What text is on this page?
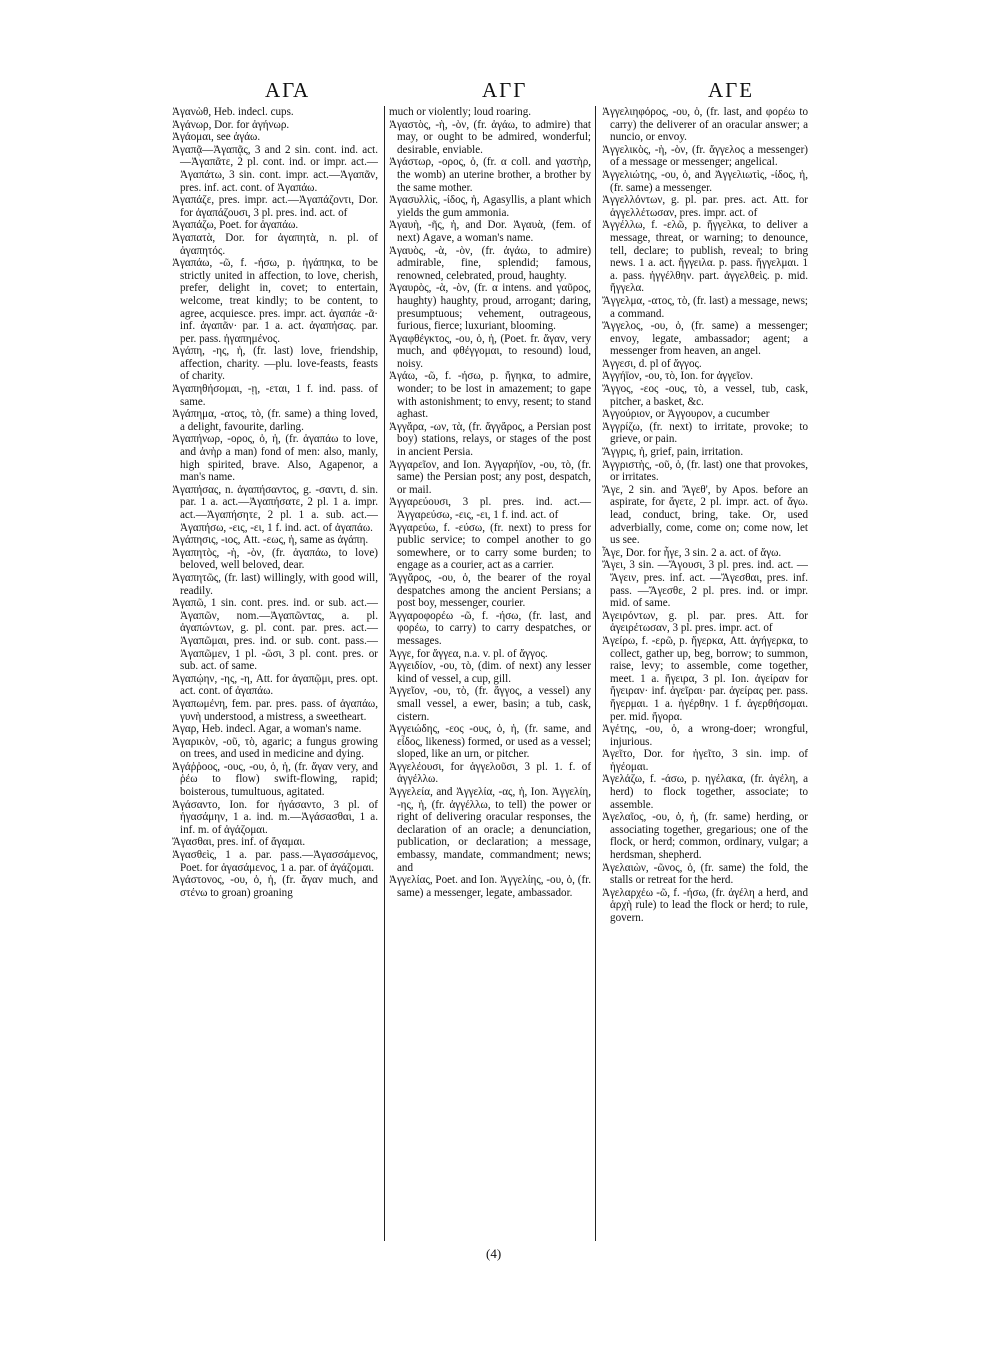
ΑΓΑ	ΑΓΓ	ΑΓΕ

Ἀγανὼθ, Heb. indecl. cups.

Ἀγάνωρ, Dor. for ἀγήνωρ.

Ἀγάομαι, see ἀγάω.

Ἀγαπᾷ—Ἀγαπᾷς, 3 and 2 sin. cont. ind. act.—Ἀγαπᾶτε, 2 pl. cont. ind. or impr. act.—Ἀγαπάτω, 3 sin. cont. impr. act.—Ἀγαπᾶν, pres. inf. act. cont. of Ἀγαπάω.

Ἀγαπάζε, pres. impr. act.—Ἀγαπάζοντι, Dor. for ἀγαπάζουσι, 3 pl. pres. ind. act. of

Ἀγαπάζω, Poet. for ἀγαπάω.

Ἀγαπατὰ, Dor. for ἀγαπητὰ, n. pl. of ἀγαπητός.

Ἀγαπάω, -ῶ, f. -ήσω, p. ἠγάπηκα, to be strictly united in affection, to love, cherish, prefer, delight in, covet; to entertain, welcome, treat kindly; to be content, to agree, acquiesce. pres. impr. act. ἀγαπάε -ᾶ· inf. ἀγαπᾶν· par. 1 a. act. ἀγαπήσας. par. per. pass. ἠγαπημένος.

Ἀγάπη, -ης, ἡ, (fr. last) love, friendship, affection, charity. —plu. love-feasts, feasts of charity.

Ἀγαπηθήσομαι, -ῃ, -εται, 1 f. ind. pass. of same.

Ἀγάπημα, -ατος, τὸ, (fr. same) a thing loved, a delight, favourite, darling.

Ἀγαπήνωρ, -ορος, ὁ, ἡ, (fr. ἀγαπάω to love, and ἀνὴρ a man) fond of men: also, manly, high spirited, brave. Also, Agapenor, a man's name.

Ἀγαπήσας, n. ἀγαπήσαντος, g. -σαντι, d. sin. par. 1 a. act.—Ἀγαπήσατε, 2 pl. 1 a. impr. act.—Ἀγαπήσητε, 2 pl. 1 a. sub. act.—Ἀγαπήσω, -εις, -ει, 1 f. ind. act. of ἀγαπάω.

Ἀγάπησις, -ιος, Att. -εως, ἡ, same as ἀγάπη.

Ἀγαπητὸς, -ὴ, -ὸν, (fr. ἀγαπάω, to love) beloved, well beloved, dear.

Ἀγαπητῶς, (fr. last) willingly, with good will, readily.

Ἀγαπῶ, 1 sin. cont. pres. ind. or sub. act.—Ἀγαπῶν, nom.—Ἀγαπῶντας, a. pl. ἀγαπώντων, g. pl. cont. par. pres. act.—Ἀγαπῶμαι, pres. ind. or sub. cont. pass.—Ἀγαπῶμεν, 1 pl. -ῶσι, 3 pl. cont. pres. or sub. act. of same.

Ἀγαπῴην, -ης, -η, Att. for ἀγαπῷμι, pres. opt. act. cont. of ἀγαπάω.

Ἀγαπωμένη, fem. par. pres. pass. of ἀγαπάω, γυνὴ understood, a mistress, a sweetheart.

Ἀγαρ, Heb. indecl. Agar, a woman's name.

Ἀγαρικὸν, -οῦ, τὸ, agaric; a fungus growing on trees, and used in medicine and dying.

Ἀγάῤῥοος, -ους, -ου, ὁ, ἡ, (fr. ἄγαν very, and ῥέω to flow) swift-flowing, rapid; boisterous, tumultuous, agitated.

Ἀγάσαντο, Ion. for ἠγάσαντο, 3 pl. of ἠγασάμην, 1 a. ind. m.—Ἀγάσασθαι, 1 a. inf. m. of ἀγάζομαι.

Ἄγασθαι, pres. inf. of ἄγαμαι.

Ἀγασθεὶς, 1 a. par. pass.—Ἀγασσάμενος, Poet. for ἀγασάμενος, 1 a. par. of ἀγάζομαι.

Ἀγάστονος, -ου, ὁ, ἡ, (fr. ἄγαν much, and στένω to groan) groaning

much or violently; loud roaring.

Ἀγαστὸς, -ὴ, -ὸν, (fr. ἀγάω, to admire) that may, or ought to be admired, wonderful; desirable, enviable.

Ἀγάστωρ, -ορος, ὁ, (fr. α coll. and γαστὴρ, the womb) an uterine brother, a brother by the same mother.

Ἀγασυλλὶς, -ίδος, ἡ, Agasyllis, a plant which yields the gum ammonia.

Ἀγαυὴ, -ῆς, ἡ, and Dor. Ἀγαυὰ, (fem. of next) Agave, a woman's name.

Ἀγαυὸς, -ὰ, -ὸν, (fr. ἀγάω, to admire) admirable, fine, splendid; famous, renowned, celebrated, proud, haughty.

Ἀγαυρὸς, -ὰ, -ὸν, (fr. α intens. and γαῦρος, haughty) haughty, proud, arrogant; daring, presumptuous; vehement, outrageous, furious, fierce; luxuriant, blooming.

Ἀγαφθέγκτος, -ου, ὁ, ἡ, (Poet. fr. ἄγαν, very much, and φθέγγομαι, to resound) loud, noisy.

Ἀγάω, -ῶ, f. -ήσω, p. ἤγηκα, to admire, wonder; to be lost in amazement; to gape with astonishment; to envy, resent; to stand aghast.

Ἀγγἄρα, -ων, τὰ, (fr. ἄγγἄρος, a Persian post boy) stations, relays, or stages of the post in ancient Persia.

Ἀγγαρεῖον, and Ion. Ἀγγαρήϊον, -ου, τὸ, (fr. same) the Persian post; any post, despatch, or mail.

Ἀγγαρεύουσι, 3 pl. pres. ind. act.—Ἀγγαρεύσω, -εις, -ει, 1 f. ind. act. of

Ἀγγαρεύω, f. -εύσω, (fr. next) to press for public service; to compel another to go somewhere, or to carry some burden; to engage as a courier, act as a carrier.

Ἄγγἄρος, -ου, ὁ, the bearer of the royal despatches among the ancient Persians; a post boy, messenger, courier.

Ἀγγαροφορέω -ῶ, f. -ήσω, (fr. last, and φορέω, to carry) to carry despatches, or messages.

Ἀγγε, for ἄγγεα, n.a. v. pl. of ἄγγος.

Ἀγγειδίον, -ου, τὸ, (dim. of next) any lesser kind of vessel, a cup, gill.

Ἀγγεῖον, -ου, τὸ, (fr. ἄγγος, a vessel) any small vessel, a ewer, basin; a tub, cask, cistern.

Ἀγγειώδης, -εος -ους, ὁ, ἡ, (fr. same, and εἶδος, likeness) formed, or used as a vessel; sloped, like an urn, or pitcher.

Ἀγγελέουσι, for ἀγγελοῦσι, 3 pl. 1. f. of ἀγγέλλω.

Ἀγγελεία, and Ἀγγελία, -ας, ἡ, Ion. Ἀγγελίη, -ης, ἡ, (fr. ἀγγέλλω, to tell) the power or right of delivering oracular responses, the declaration of an oracle; a denunciation, publication, or declaration; a message, embassy, mandate, commandment; news; and

Ἀγγελίας, Poet. and Ion. Ἀγγελίης, -ου, ὁ, (fr. same) a messenger, legate, ambassador.

Ἀγγελιηφόρος, -ου, ὁ, (fr. last, and φορέω to carry) the deliverer of an oracular answer; a nuncio, or envoy.

Ἀγγελικὸς, -ὴ, -ὸν, (fr. ἄγγελος a messenger) of a message or messenger; angelical.

Ἀγγελιώτης, -ου, ὁ, and Ἀγγελιωτὶς, -ίδος, ἡ, (fr. same) a messenger.

Ἀγγελλόντων, g. pl. par. pres. act. Att. for ἀγγελλέτωσαν, pres. impr. act. of

Ἀγγέλλω, f. -ελῶ, p. ἤγγελκα, to deliver a message, threat, or warning; to denounce, tell, declare; to publish, reveal; to bring news. 1 a. act. ἤγγειλα. p. pass. ἤγγελμαι. 1 a. pass. ἠγγέλθην. part. ἀγγελθεὶς. p. mid. ἤγγελα.

Ἄγγελμα, -ατος, τὸ, (fr. last) a message, news; a command.

Ἄγγελος, -ου, ὁ, (fr. same) a messenger; envoy, legate, ambassador; agent; a messenger from heaven, an angel.

Ἀγγεσι, d. pl of ἄγγος.

Ἀγγήϊον, -ου, τὸ, Ion. for ἀγγεῖον.

Ἄγγος, -εος -ους, τὸ, a vessel, tub, cask, pitcher, a basket, &c.

Ἀγγούριον, or Ἀγγουρον, a cucumber

Ἀγγρίζω, (fr. next) to irritate, provoke; to grieve, or pain.

Ἄγγρις, ἡ, grief, pain, irritation.

Ἀγγριστὴς, -οῦ, ὁ, (fr. last) one that provokes, or irritates.

Ἄγε, 2 sin. and Ἄγεθ', by Apos. before an aspirate, for ἄγετε, 2 pl. impr. act. of ἄγω. lead, conduct, bring, take. Or, used adverbially, come, come on; come now, let us see.

Ἆγε, Dor. for ἦγε, 3 sin. 2 a. act. of ἄγω.

Ἄγει, 3 sin. —Ἄγουσι, 3 pl. pres. ind. act. —Ἄγειν, pres. inf. act. —Ἄγεσθαι, pres. inf. pass. —Ἄγεσθε, 2 pl. pres. ind. or impr. mid. of same.

Ἀγειρόντων, g. pl. par. pres. Att. for ἀγειρέτωσαν, 3 pl. pres. impr. act. of

Ἀγείρω, f. -ερῶ, p. ἤγερκα, Att. ἀγήγερκα, to collect, gather up, beg, borrow; to summon, raise, levy; to assemble, come together, meet. 1 a. ἤγειρα, 3 pl. Ion. ἀγείραν for ἤγειραν· inf. ἀγεῖραι· par. ἀγείρας per. pass. ἤγερμαι. 1 a. ἠγέρθην. 1 f. ἀγερθήσομαι. per. mid. ἤγορα.

Ἀγέτης, -ου, ὁ, a wrong-doer; wrongful, injurious.

Ἀγεῖτο, Dor. for ἡγεῖτο, 3 sin. imp. of ἡγέομαι.

Ἀγελάζω, f. -άσω, p. ηγέλακα, (fr. ἀγέλη, a herd) to flock together, associate; to assemble.

Ἀγελαῖος, -ου, ὁ, ἡ, (fr. same) herding, or associating together, gregarious; one of the flock, or herd; common, ordinary, vulgar; a herdsman, shepherd.

Ἀγελαιὼν, -ῶνος, ὁ, (fr. same) the fold, the stalls or retreat for the herd.

Ἀγελαρχέω -ῶ, f. -ήσω, (fr. ἀγέλη a herd, and ἀρχὴ rule) to lead the flock or herd; to rule, govern.

(4)
